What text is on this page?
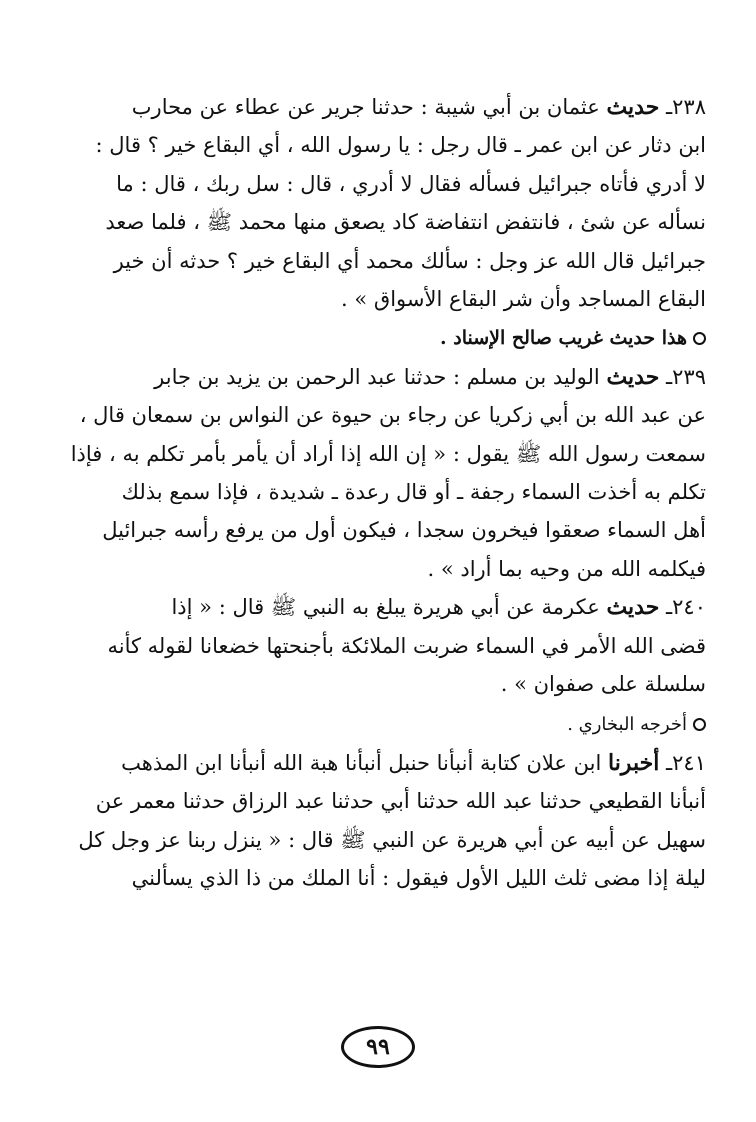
٢٣٨ـ حديث عثمان بن أبي شيبة : حدثنا جرير عن عطاء عن محارب
ابن دثار عن ابن عمر ـ قال رجل : يا رسول الله ، أي البقاع خير ؟ قال :
لا أدري فأتاه جبرائيل فسأله فقال لا أدري ، قال : سل ربك ، قال : ما
نسأله عن شئ ، فانتفض انتفاضة كاد يصعق منها محمد ﷺ ، فلما صعد
جبرائيل قال الله عز وجل : سألك محمد أي البقاع خير ؟ حدثه أن خير
البقاع المساجد وأن شر البقاع الأسواق » .
هذا حديث غريب صالح الإسناد .
٢٣٩ـ حديث الوليد بن مسلم : حدثنا عبد الرحمن بن يزيد بن جابر
عن عبد الله بن أبي زكريا عن رجاء بن حيوة عن النواس بن سمعان قال ،
سمعت رسول الله ﷺ يقول : « إن الله إذا أراد أن يأمر بأمر تكلم به ، فإذا
تكلم به أخذت السماء رجفة ـ أو قال رعدة ـ شديدة ، فإذا سمع بذلك
أهل السماء صعقوا فيخرون سجدا ، فيكون أول من يرفع رأسه جبرائيل
فيكلمه الله من وحيه بما أراد » .
٢٤٠ـ حديث عكرمة عن أبي هريرة يبلغ به النبي ﷺ قال : « إذا
قضى الله الأمر في السماء ضربت الملائكة بأجنحتها خضعانا لقوله كأنه
سلسلة على صفوان » .
أخرجه البخاري .
٢٤١ـ أخبرنا ابن علان كتابة أنبأنا حنبل أنبأنا هبة الله أنبأنا ابن المذهب
أنبأنا القطيعي حدثنا عبد الله حدثنا أبي حدثنا عبد الرزاق حدثنا معمر عن
سهيل عن أبيه عن أبي هريرة عن النبي ﷺ قال : « ينزل ربنا عز وجل كل
ليلة إذا مضى ثلث الليل الأول فيقول : أنا الملك من ذا الذي يسألني
٩٩
